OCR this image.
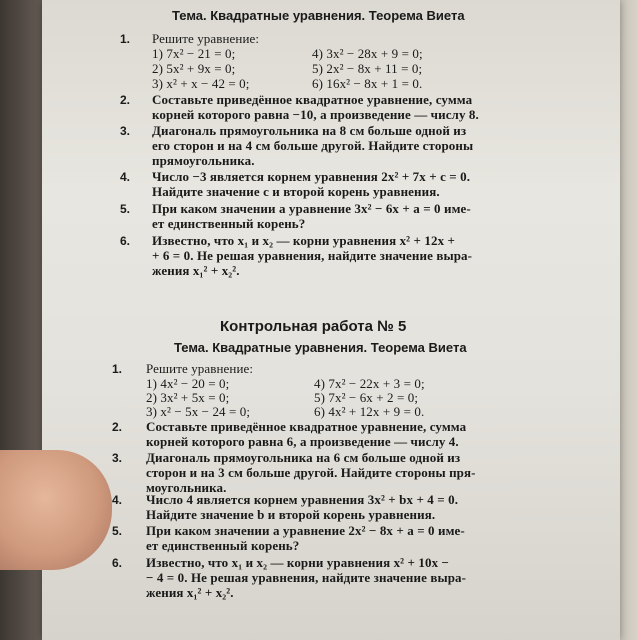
Тема. Квадратные уравнения. Теорема Виета
1. Решите уравнение:
1) 7x² − 21 = 0;	4) 3x² − 28x + 9 = 0;
2) 5x² + 9x = 0;	5) 2x² − 8x + 11 = 0;
3) x² + x − 42 = 0;	6) 16x² − 8x + 1 = 0.
2. Составьте приведённое квадратное уравнение, сумма
корней которого равна −10, а произведение — числу 8.
3. Диагональ прямоугольника на 8 см больше одной из
его сторон и на 4 см больше другой. Найдите стороны
прямоугольника.
4. Число −3 является корнем уравнения 2x² + 7x + c = 0.
Найдите значение c и второй корень уравнения.
5. При каком значении a уравнение 3x² − 6x + a = 0 име-
ет единственный корень?
6. Известно, что x₁ и x₂ — корни уравнения x² + 12x +
+ 6 = 0. Не решая уравнения, найдите значение выра-
жения x₁² + x₂².
Контрольная работа № 5
Тема. Квадратные уравнения. Теорема Виета
1. Решите уравнение:
1) 4x² − 20 = 0;	4) 7x² − 22x + 3 = 0;
2) 3x² + 5x = 0;	5) 7x² − 6x + 2 = 0;
3) x² − 5x − 24 = 0;	6) 4x² + 12x + 9 = 0.
2. Составьте приведённое квадратное уравнение, сумма
корней которого равна 6, а произведение — числу 4.
3. Диагональ прямоугольника на 6 см больше одной из
сторон и на 3 см больше другой. Найдите стороны пря-
моугольника.
4. Число 4 является корнем уравнения 3x² + bx + 4 = 0.
Найдите значение b и второй корень уравнения.
5. При каком значении a уравнение 2x² − 8x + a = 0 име-
ет единственный корень?
6. Известно, что x₁ и x₂ — корни уравнения x² + 10x −
− 4 = 0. Не решая уравнения, найдите значение выра-
жения x₁² + x₂².
